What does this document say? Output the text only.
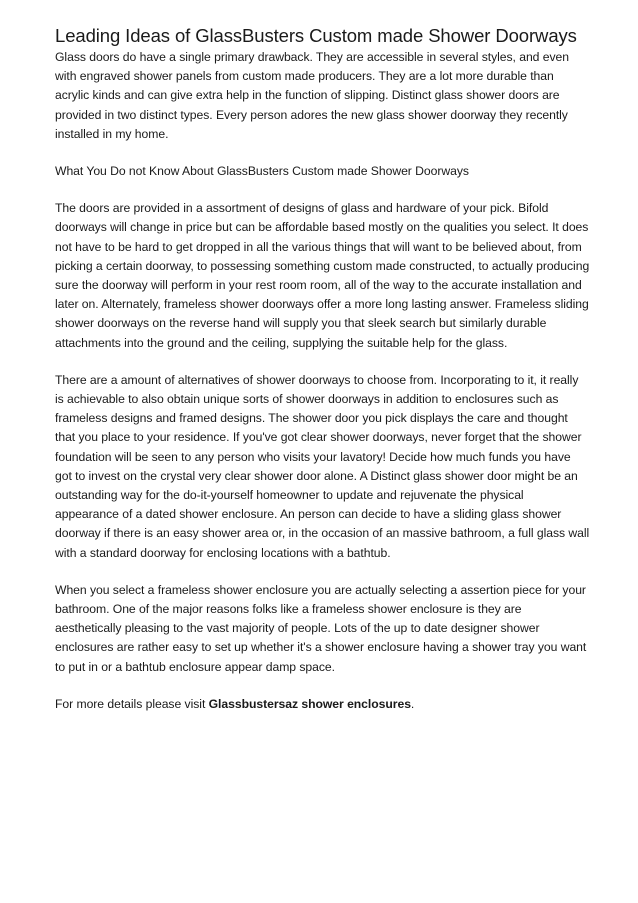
Leading Ideas of GlassBusters Custom made Shower Doorways

Glass doors do have a single primary drawback. They are accessible in several styles, and even with engraved shower panels from custom made producers. They are a lot more durable than acrylic kinds and can give extra help in the function of slipping. Distinct glass shower doors are provided in two distinct types. Every person adores the new glass shower doorway they recently installed in my home.

What You Do not Know About GlassBusters Custom made Shower Doorways

The doors are provided in a assortment of designs of glass and hardware of your pick. Bifold doorways will change in price but can be affordable based mostly on the qualities you select. It does not have to be hard to get dropped in all the various things that will want to be believed about, from picking a certain doorway, to possessing something custom made constructed, to actually producing sure the doorway will perform in your rest room room, all of the way to the accurate installation and later on. Alternately, frameless shower doorways offer a more long lasting answer. Frameless sliding shower doorways on the reverse hand will supply you that sleek search but similarly durable attachments into the ground and the ceiling, supplying the suitable help for the glass.

There are a amount of alternatives of shower doorways to choose from. Incorporating to it, it really is achievable to also obtain unique sorts of shower doorways in addition to enclosures such as frameless designs and framed designs. The shower door you pick displays the care and thought that you place to your residence. If you've got clear shower doorways, never forget that the shower foundation will be seen to any person who visits your lavatory! Decide how much funds you have got to invest on the crystal very clear shower door alone. A Distinct glass shower door might be an outstanding way for the do-it-yourself homeowner to update and rejuvenate the physical appearance of a dated shower enclosure. An person can decide to have a sliding glass shower doorway if there is an easy shower area or, in the occasion of an massive bathroom, a full glass wall with a standard doorway for enclosing locations with a bathtub.

When you select a frameless shower enclosure you are actually selecting a assertion piece for your bathroom. One of the major reasons folks like a frameless shower enclosure is they are aesthetically pleasing to the vast majority of people. Lots of the up to date designer shower enclosures are rather easy to set up whether it's a shower enclosure having a shower tray you want to put in or a bathtub enclosure appear damp space.

For more details please visit Glassbustersaz shower enclosures.
